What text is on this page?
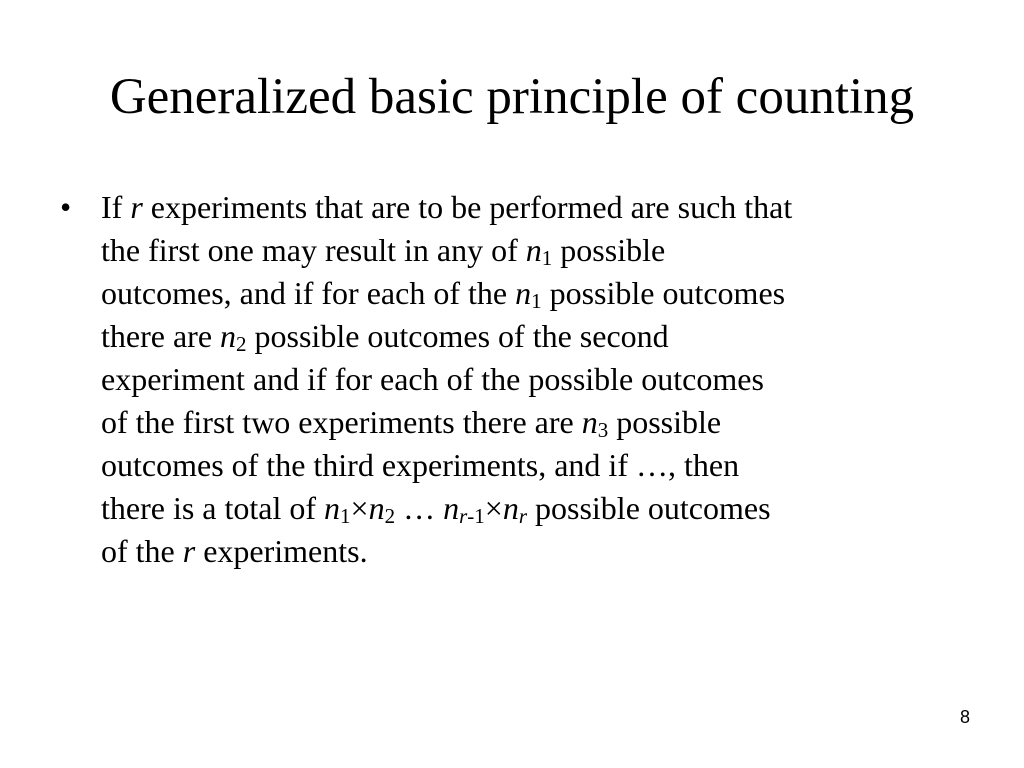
Generalized basic principle of counting
• If r experiments that are to be performed are such that
the first one may result in any of $n_1$ possible
outcomes, and if for each of the $n_1$ possible outcomes
there are $n_2$ possible outcomes of the second
experiment and if for each of the possible outcomes
of the first two experiments there are $n_3$ possible
outcomes of the third experiments, and if …, then
there is a total of $n_1\times n_2$ … $n_{r-1}\times n_r$ possible outcomes
of the r experiments.
8
